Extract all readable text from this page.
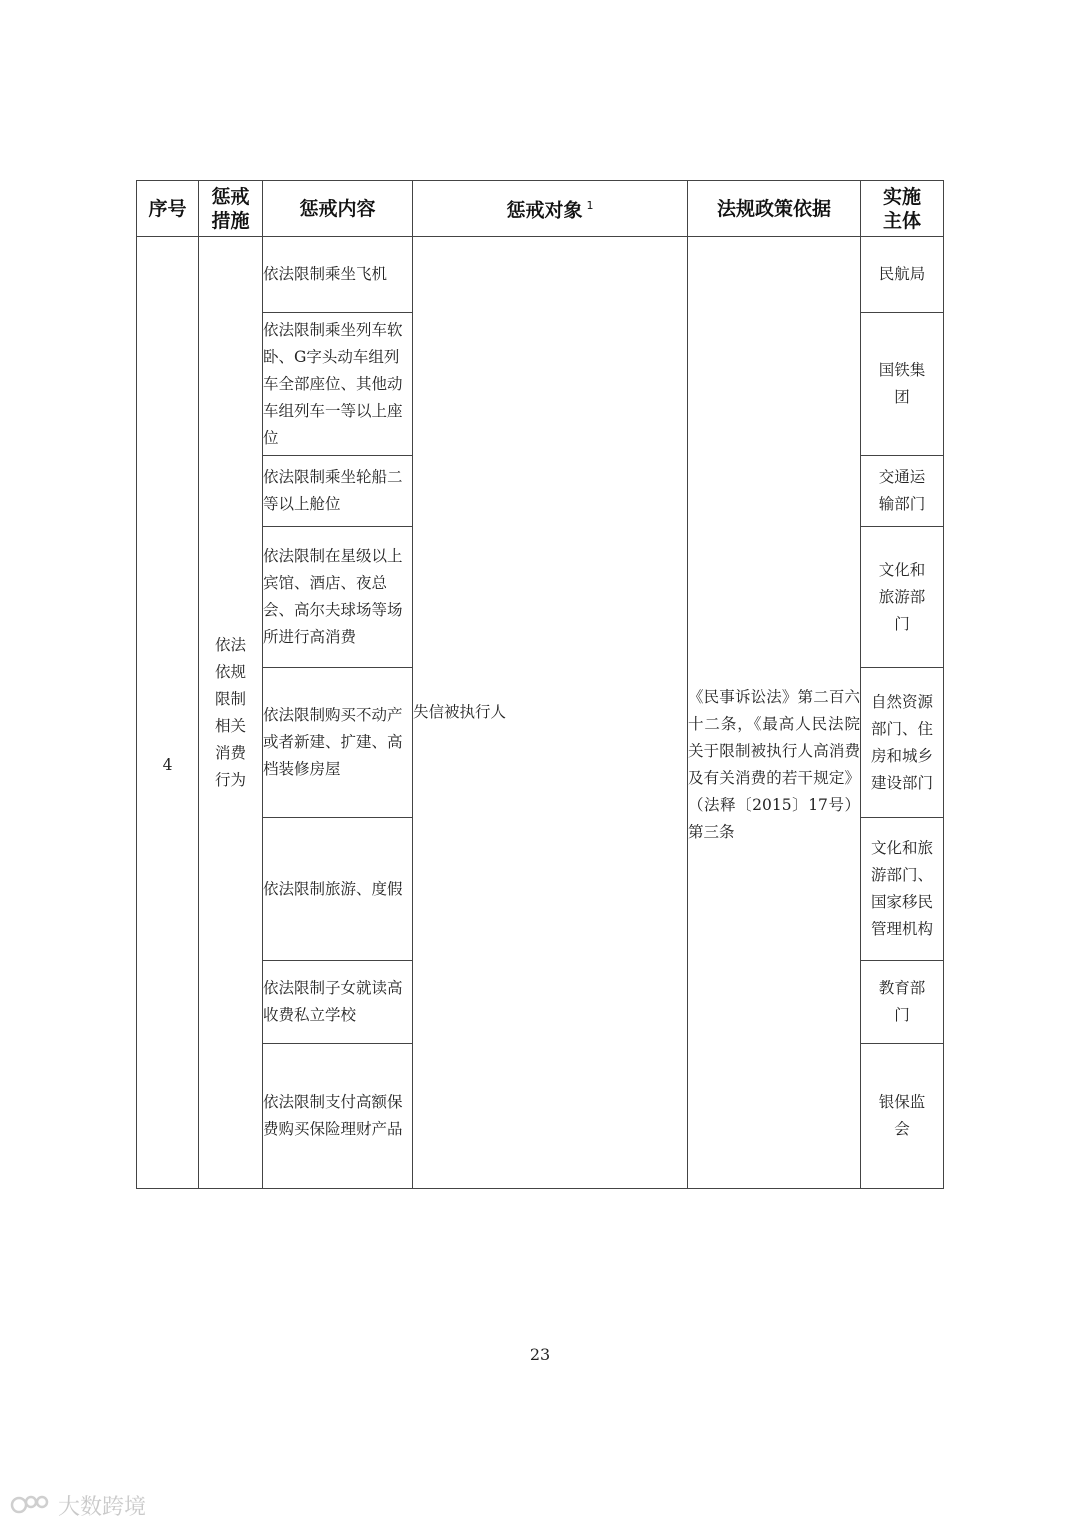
序号	惩戒措施	惩戒内容	惩戒对象 $^1$	法规政策依据	实施主体

4	依法依规限制相关消费行为	依法限制乘坐飞机	失信被执行人	《民事诉讼法》第二百六十二条，《最高人民法院关于限制被执行人高消费及有关消费的若干规定》（法释〔2015〕17号）第三条	民航局
		依法限制乘坐列车软卧、G字头动车组列车全部座位、其他动车组列车一等以上座位			国铁集团

		依法限制乘坐轮船二等以上舱位			交通运输部门

		依法限制在星级以上宾馆、酒店、夜总会、高尔夫球场等场所进行高消费			文化和旅游部门

		依法限制购买不动产或者新建、扩建、高档装修房屋			自然资源部门、住房和城乡建设部门

		依法限制旅游、度假			文化和旅游部门、国家移民管理机构

		依法限制子女就读高收费私立学校			教育部门

		依法限制支付高额保费购买保险理财产品			银保监会
23
大数跨境
